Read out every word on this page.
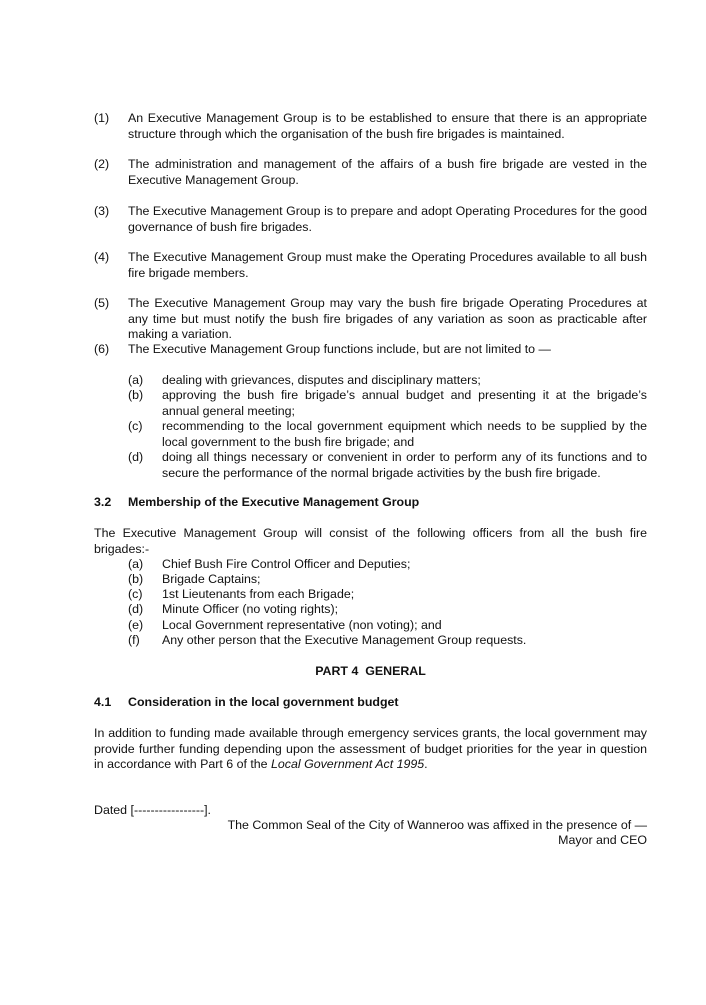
(1)	An Executive Management Group is to be established to ensure that there is an appropriate structure through which the organisation of the bush fire brigades is maintained.
(2)	The administration and management of the affairs of a bush fire brigade are vested in the Executive Management Group.
(3)	The Executive Management Group is to prepare and adopt Operating Procedures for the good governance of bush fire brigades.
(4)	The Executive Management Group must make the Operating Procedures available to all bush fire brigade members.
(5)	The Executive Management Group may vary the bush fire brigade Operating Procedures at any time but must notify the bush fire brigades of any variation as soon as practicable after making a variation.
(6)	The Executive Management Group functions include, but are not limited to —
(a)	dealing with grievances, disputes and disciplinary matters;
(b)	approving the bush fire brigade’s annual budget and presenting it at the brigade’s annual general meeting;
(c)	recommending to the local government equipment which needs to be supplied by the local government to the bush fire brigade; and
(d)	doing all things necessary or convenient in order to perform any of its functions and to secure the performance of the normal brigade activities by the bush fire brigade.
3.2 Membership of the Executive Management Group
The Executive Management Group will consist of the following officers from all the bush fire brigades:-
(a)	Chief Bush Fire Control Officer and Deputies;
(b)	Brigade Captains;
(c)	1st Lieutenants from each Brigade;
(d)	Minute Officer (no voting rights);
(e)	Local Government representative (non voting); and
(f)	Any other person that the Executive Management Group requests.
PART 4  GENERAL
4.1 Consideration in the local government budget
In addition to funding made available through emergency services grants, the local government may provide further funding depending upon the assessment of budget priorities for the year in question in accordance with Part 6 of the Local Government Act 1995.
Dated [-----------------].
The Common Seal of the City of Wanneroo was affixed in the presence of —
Mayor and CEO
